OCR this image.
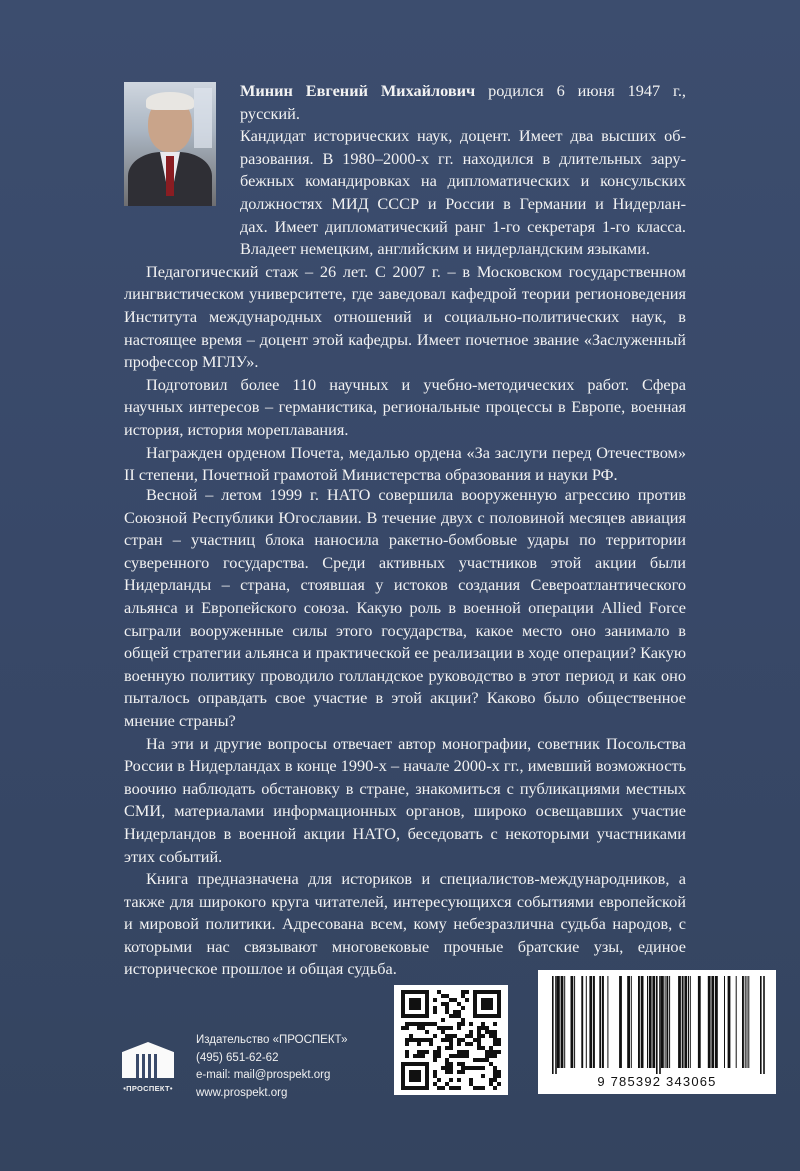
Минин Евгений Михайлович родился 6 июня 1947 г., русский.

Кандидат исторических наук, доцент. Имеет два высших об-
разования. В 1980–2000-х гг. находился в длительных зару-
бежных командировках на дипломатических и консульских
должностях МИД СССР и России в Германии и Нидерлан-
дах. Имеет дипломатический ранг 1-го секретаря 1-го класса.
Владеет немецким, английским и нидерландским языками.

Педагогический стаж – 26 лет. С 2007 г. – в Московском государственном лингвистическом университете, где заведовал кафедрой теории регионоведения Института международных отношений и социально-политических наук, в настоящее время – доцент этой кафедры. Имеет почетное звание «Заслуженный профессор МГЛУ».

Подготовил более 110 научных и учебно-методических работ. Сфера научных интересов – германистика, региональные процессы в Европе, военная история, история мореплавания.

Награжден орденом Почета, медалью ордена «За заслуги перед Отечеством» II степени, Почетной грамотой Министерства образования и науки РФ.

Весной – летом 1999 г. НАТО совершила вооруженную агрессию против Союзной Республики Югославии. В течение двух с половиной месяцев авиация стран – участниц блока наносила ракетно-бомбовые удары по территории суверенного государства. Среди активных участников этой акции были Нидерланды – страна, стоявшая у истоков создания Североатлантического альянса и Европейского союза. Какую роль в военной операции Allied Force сыграли вооруженные силы этого государства, какое место оно занимало в общей стратегии альянса и практической ее реализации в ходе операции? Какую военную политику проводило голландское руководство в этот период и как оно пыталось оправдать свое участие в этой акции? Каково было общественное мнение страны?

На эти и другие вопросы отвечает автор монографии, советник Посольства России в Нидерландах в конце 1990-х – начале 2000-х гг., имевший возможность воочию наблюдать обстановку в стране, знакомиться с публикациями местных СМИ, материалами информационных органов, широко освещавших участие Нидерландов в военной акции НАТО, беседовать с некоторыми участниками этих событий.

Книга предназначена для историков и специалистов-международников, а также для широкого круга читателей, интересующихся событиями европейской и мировой политики. Адресована всем, кому небезразлична судьба народов, с которыми нас связывают многовековые прочные братские узы, единое историческое прошлое и общая судьба.

•ПРОСПЕКТ•
Издательство «ПРОСПЕКТ»
(495) 651-62-62
e-mail: mail@prospekt.org
www.prospekt.org
9 785392 343065
